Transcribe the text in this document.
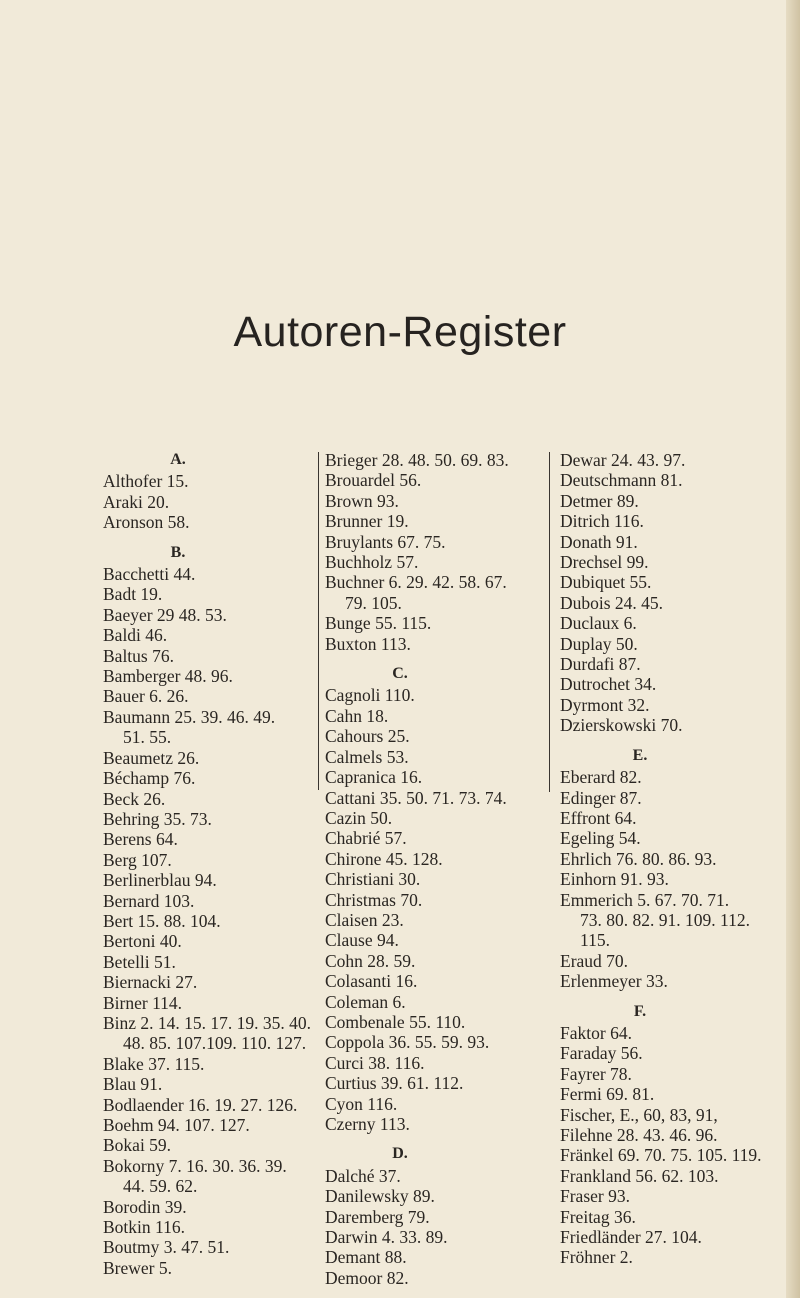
Autoren-Register
A.
Althofer 15.
Araki 20.
Aronson 58.
B.
Bacchetti 44.
Badt 19.
Baeyer 29 48. 53.
Baldi 46.
Baltus 76.
Bamberger 48. 96.
Bauer 6. 26.
Baumann 25. 39. 46. 49.
51. 55.
Beaumetz 26.
Béchamp 76.
Beck 26.
Behring 35. 73.
Berens 64.
Berg 107.
Berlinerblau 94.
Bernard 103.
Bert 15. 88. 104.
Bertoni 40.
Betelli 51.
Biernacki 27.
Birner 114.
Binz 2. 14. 15. 17. 19. 35. 40.
48. 85. 107.109. 110. 127.
Blake 37. 115.
Blau 91.
Bodlaender 16. 19. 27. 126.
Boehm 94. 107. 127.
Bokai 59.
Bokorny 7. 16. 30. 36. 39.
44. 59. 62.
Borodin 39.
Botkin 116.
Boutmy 3. 47. 51.
Brewer 5.
Brieger 28. 48. 50. 69. 83.
Brouardel 56.
Brown 93.
Brunner 19.
Bruylants 67. 75.
Buchholz 57.
Buchner 6. 29. 42. 58. 67.
79. 105.
Bunge 55. 115.
Buxton 113.
C.
Cagnoli 110.
Cahn 18.
Cahours 25.
Calmels 53.
Capranica 16.
Cattani 35. 50. 71. 73. 74.
Cazin 50.
Chabrié 57.
Chirone 45. 128.
Christiani 30.
Christmas 70.
Claisen 23.
Clause 94.
Cohn 28. 59.
Colasanti 16.
Coleman 6.
Combenale 55. 110.
Coppola 36. 55. 59. 93.
Curci 38. 116.
Curtius 39. 61. 112.
Cyon 116.
Czerny 113.
D.
Dalché 37.
Danilewsky 89.
Daremberg 79.
Darwin 4. 33. 89.
Demant 88.
Demoor 82.
Dewar 24. 43. 97.
Deutschmann 81.
Detmer 89.
Ditrich 116.
Donath 91.
Drechsel 99.
Dubiquet 55.
Dubois 24. 45.
Duclaux 6.
Duplay 50.
Durdafi 87.
Dutrochet 34.
Dyrmont 32.
Dzierskowski 70.
E.
Eberard 82.
Edinger 87.
Effront 64.
Egeling 54.
Ehrlich 76. 80. 86. 93.
Einhorn 91. 93.
Emmerich 5. 67. 70. 71.
73. 80. 82. 91. 109. 112.
115.
Eraud 70.
Erlenmeyer 33.
F.
Faktor 64.
Faraday 56.
Fayrer 78.
Fermi 69. 81.
Fischer, E., 60, 83, 91,
Filehne 28. 43. 46. 96.
Fränkel 69. 70. 75. 105. 119.
Frankland 56. 62. 103.
Fraser 93.
Freitag 36.
Friedländer 27. 104.
Fröhner 2.
